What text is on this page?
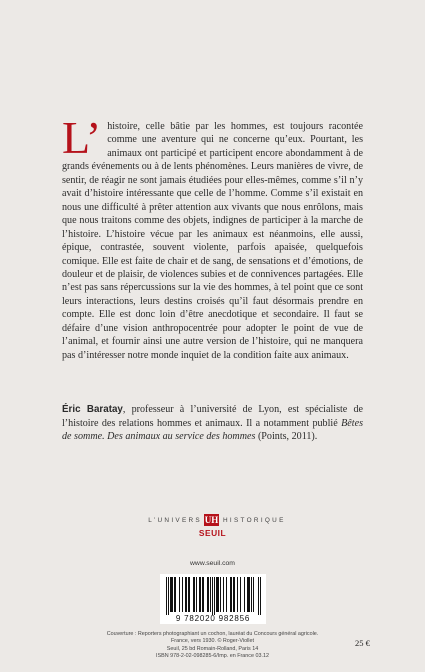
L’ histoire, celle bâtie par les hommes, est toujours racontée comme une aventure qui ne concerne qu’eux. Pourtant, les animaux ont participé et participent encore abondamment à de grands événements ou à de lents phénomènes. Leurs manières de vivre, de sentir, de réagir ne sont jamais étudiées pour elles-mêmes, comme s’il n’y avait d’histoire intéressante que celle de l’homme. Comme s’il existait en nous une difficulté à prêter attention aux vivants que nous enrôlons, mais que nous traitons comme des objets, indignes de participer à la marche de l’histoire. L’histoire vécue par les animaux est néanmoins, elle aussi, épique, contrastée, souvent violente, parfois apaisée, quelquefois comique. Elle est faite de chair et de sang, de sensations et d’émotions, de douleur et de plaisir, de violences subies et de connivences partagées. Elle n’est pas sans répercussions sur la vie des hommes, à tel point que ce sont leurs interactions, leurs destins croisés qu’il faut désormais prendre en compte. Elle est donc loin d’être anecdotique et secondaire. Il faut se défaire d’une vision anthropocentrée pour adopter le point de vue de l’animal, et fournir ainsi une autre version de l’histoire, qui ne manquera pas d’intéresser notre monde inquiet de la condition faite aux animaux.

Éric Baratay, professeur à l’université de Lyon, est spécialiste de l’histoire des relations hommes et animaux. Il a notamment publié Bêtes de somme. Des animaux au service des hommes (Points, 2011).

L’UNIVERS UH HISTORIQUE
SEUIL
www.seuil.com
9 782020 982856
Couverture : Reporters photographiant un cochon, lauréat du Concours général agricole.
France, vers 1930. © Roger-Viollet
Seuil, 25 bd Romain-Rolland, Paris 14
ISBN 978-2-02-098285-6/Imp. en France 03.12
25 €
